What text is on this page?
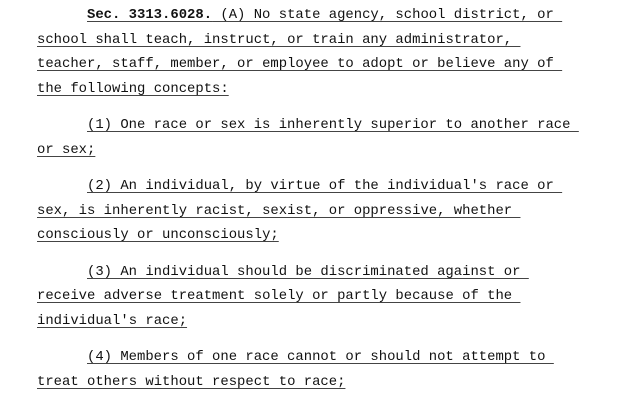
Sec. 3313.6028. (A) No state agency, school district, or
school shall teach, instruct, or train any administrator,
teacher, staff, member, or employee to adopt or believe any of
the following concepts:
(1) One race or sex is inherently superior to another race
or sex;
(2) An individual, by virtue of the individual's race or
sex, is inherently racist, sexist, or oppressive, whether
consciously or unconsciously;
(3) An individual should be discriminated against or
receive adverse treatment solely or partly because of the
individual's race;
(4) Members of one race cannot or should not attempt to
treat others without respect to race;
